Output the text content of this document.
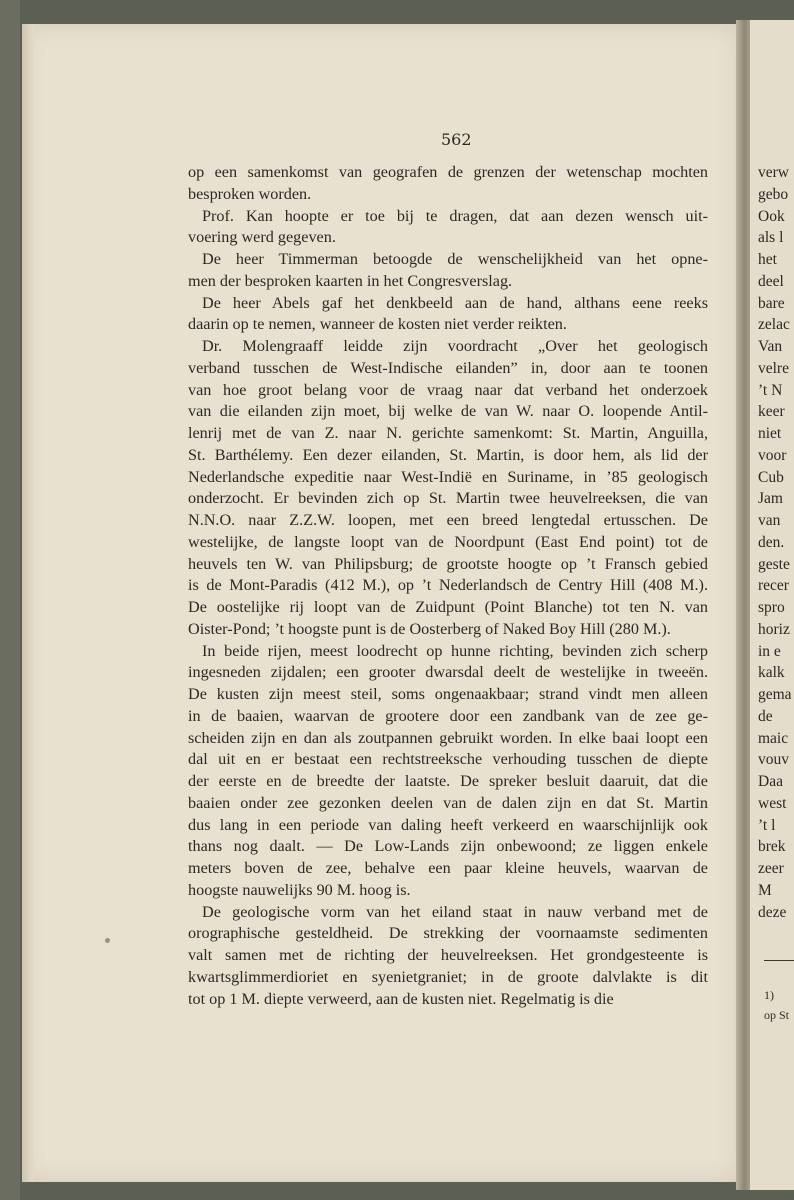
562

op een samenkomst van geografen de grenzen der wetenschap mochten
besproken worden.

Prof. Kan hoopte er toe bij te dragen, dat aan dezen wensch uit-
voering werd gegeven.

De heer Timmerman betoogde de wenschelijkheid van het opne-
men der besproken kaarten in het Congresverslag.

De heer Abels gaf het denkbeeld aan de hand, althans eene reeks
daarin op te nemen, wanneer de kosten niet verder reikten.

Dr. Molengraaff leidde zijn voordracht „Over het geologisch
verband tusschen de West-Indische eilanden” in, door aan te toonen
van hoe groot belang voor de vraag naar dat verband het onderzoek
van die eilanden zijn moet, bij welke de van W. naar O. loopende Antil-
lenrij met de van Z. naar N. gerichte samenkomt: St. Martin, Anguilla,
St. Barthélemy. Een dezer eilanden, St. Martin, is door hem, als lid der
Nederlandsche expeditie naar West-Indië en Suriname, in ’85 geologisch
onderzocht. Er bevinden zich op St. Martin twee heuvelreeksen, die van
N.N.O. naar Z.Z.W. loopen, met een breed lengtedal ertusschen. De
westelijke, de langste loopt van de Noordpunt (East End point) tot de
heuvels ten W. van Philipsburg; de grootste hoogte op ’t Fransch gebied
is de Mont-Paradis (412 M.), op ’t Nederlandsch de Centry Hill (408 M.).
De oostelijke rij loopt van de Zuidpunt (Point Blanche) tot ten N. van
Oister-Pond; ’t hoogste punt is de Oosterberg of Naked Boy Hill (280 M.).

In beide rijen, meest loodrecht op hunne richting, bevinden zich scherp
ingesneden zijdalen; een grooter dwarsdal deelt de westelijke in tweeën.
De kusten zijn meest steil, soms ongenaakbaar; strand vindt men alleen
in de baaien, waarvan de grootere door een zandbank van de zee ge-
scheiden zijn en dan als zoutpannen gebruikt worden. In elke baai loopt een
dal uit en er bestaat een rechtstreeksche verhouding tusschen de diepte
der eerste en de breedte der laatste. De spreker besluit daaruit, dat die
baaien onder zee gezonken deelen van de dalen zijn en dat St. Martin
dus lang in een periode van daling heeft verkeerd en waarschijnlijk ook
thans nog daalt. — De Low-Lands zijn onbewoond; ze liggen enkele
meters boven de zee, behalve een paar kleine heuvels, waarvan de
hoogste nauwelijks 90 M. hoog is.

De geologische vorm van het eiland staat in nauw verband met de
orographische gesteldheid. De strekking der voornaamste sedimenten
valt samen met de richting der heuvelreeksen. Het grondgesteente is
kwartsglimmerdioriet en syenietgraniet; in de groote dalvlakte is dit
tot op 1 M. diepte verweerd, aan de kusten niet. Regelmatig is die

verw
gebo
Ook
als l
het
deel
bare
zelac
Van
velre
’t N
keer
niet
voor
Cub
Jam
van
den.
geste
recer
spro
horiz
in e
kalk
gema
de
maic
vouv
Daa
west
’t l
brek
zeer
M
deze
1)
op St
